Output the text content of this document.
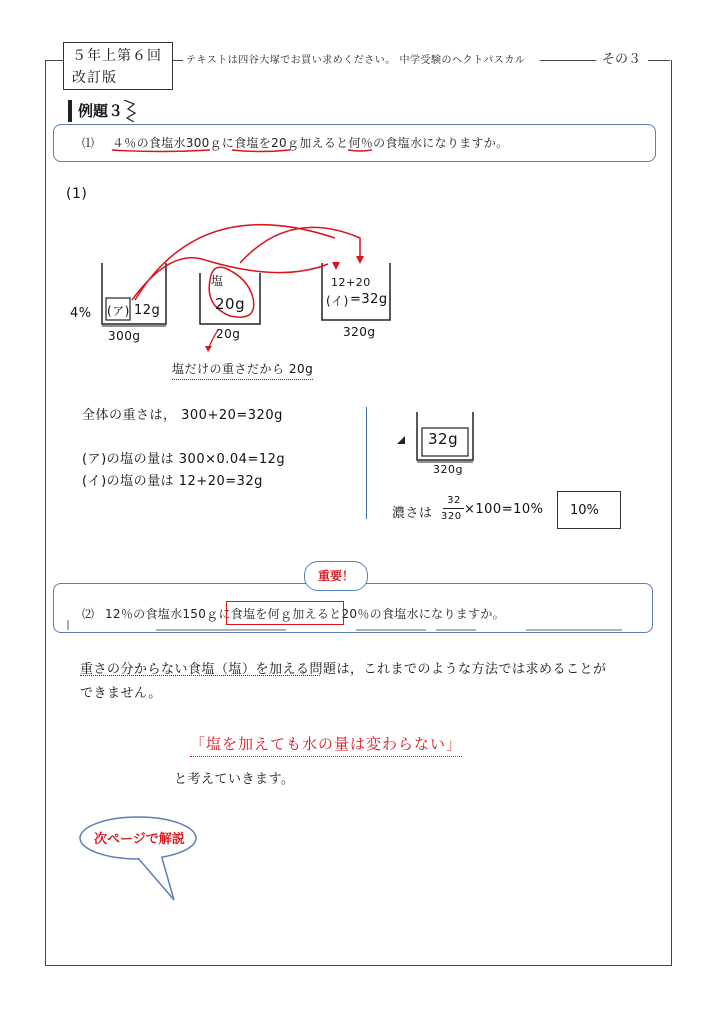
５年上第６回
改訂版
テキストは四谷大塚でお買い求めください。 中学受験のヘクトパスカル	その３
例題３
⑴ ４％の食塩水300ｇに食塩を20ｇ加えると何％の食塩水になりますか。
(1)
4% (ア) 12g
300g
塩
20g
20g
12+20
(イ) =32g
320g
塩だけの重さだから 20g
全体の重さは， 300+20=320g
(ア)の塩の量は 300×0.04=12g
(イ)の塩の量は 12+20=32g
32g
320g
濃さは
32
320 ×100=10%	10%
重要！
⑵ 12％の食塩水150ｇに食塩を何ｇ加えると20％の食塩水になりますか。
重さの分からない食塩（塩）を加える問題は，これまでのような方法では求めることが
できません。
「塩を加えても水の量は変わらない」
と考えていきます。
次ページで解説
